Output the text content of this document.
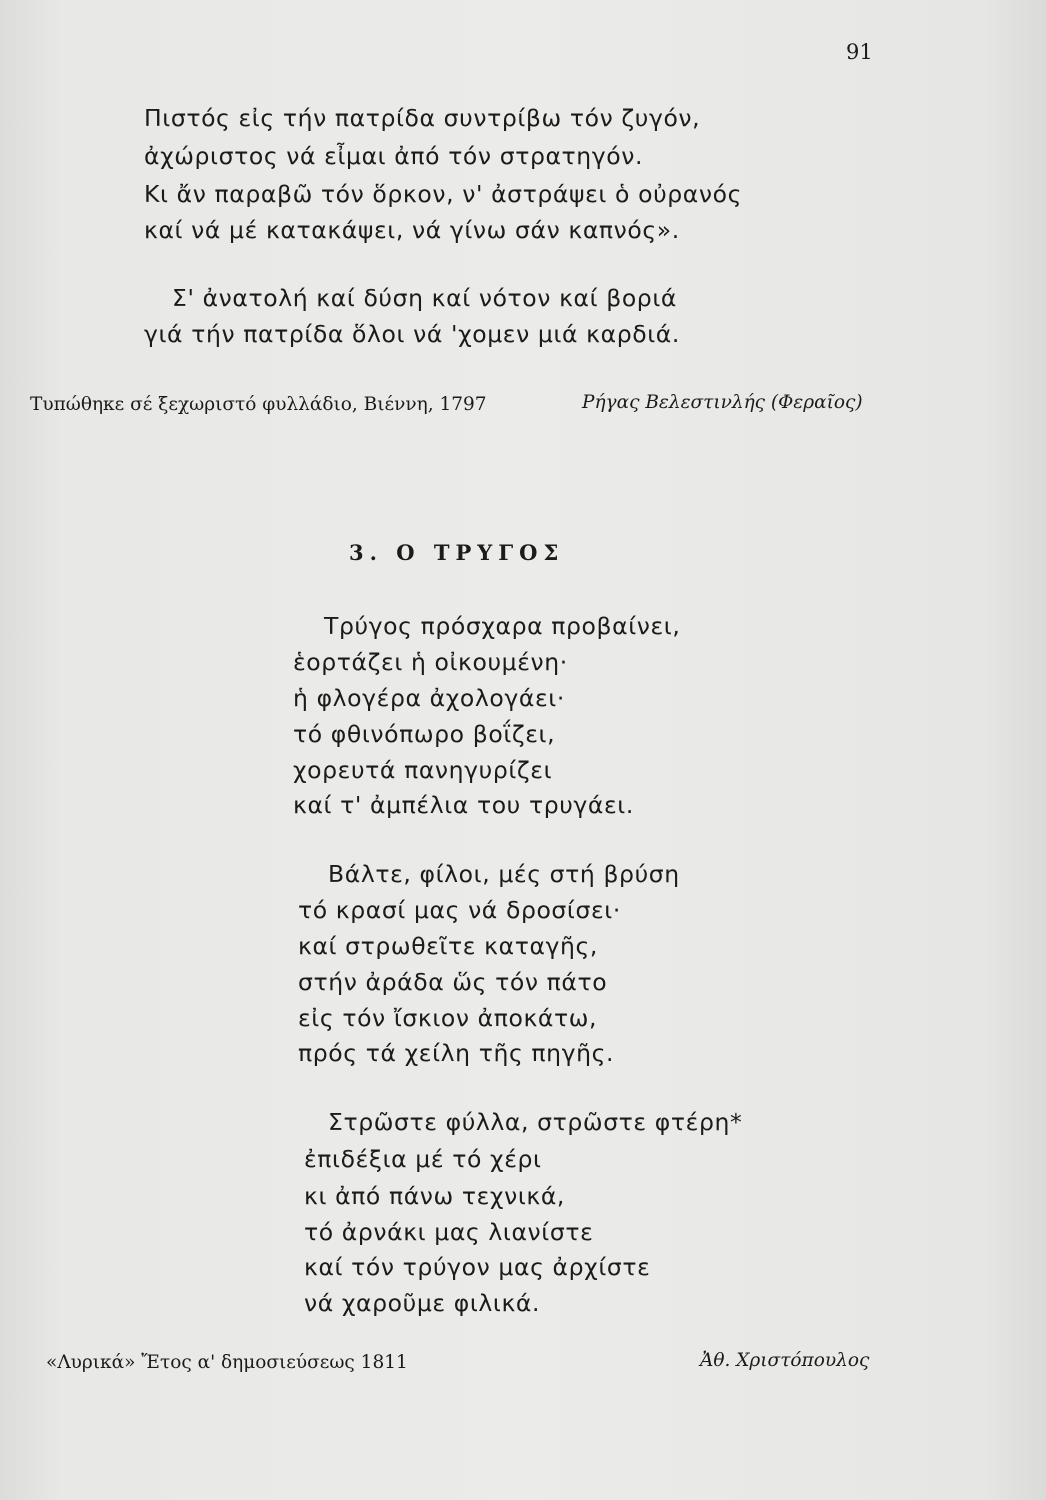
91
Πιστός εἰς τήν πατρίδα συντρίβω τόν ζυγόν,
ἀχώριστος νά εἶμαι ἀπό τόν στρατηγόν.
Κι ἄν παραβῶ τόν ὅρκον, ν' ἀστράψει ὁ οὐρανός
καί νά μέ κατακάψει, νά γίνω σάν καπνός».
Σ' ἀνατολή καί δύση καί νότον καί βοριά
γιά τήν πατρίδα ὅλοι νά 'χομεν μιά καρδιά.
Τυπώθηκε σέ ξεχωριστό φυλλάδιο, Βιέννη, 1797	Ρήγας Βελεστινλής (Φεραῖος)
3. Ο ΤΡΥΓΟΣ
Τρύγος πρόσχαρα προβαίνει,
ἑορτάζει ἡ οἰκουμένη·
ἡ φλογέρα ἀχολογάει·
τό φθινόπωρο βοΐζει,
χορευτά πανηγυρίζει
καί τ' ἀμπέλια του τρυγάει.
Βάλτε, φίλοι, μές στή βρύση
τό κρασί μας νά δροσίσει·
καί στρωθεῖτε καταγῆς,
στήν ἀράδα ὥς τόν πάτο
εἰς τόν ἴσκιον ἀποκάτω,
πρός τά χείλη τῆς πηγῆς.
Στρῶστε φύλλα, στρῶστε φτέρη*
ἐπιδέξια μέ τό χέρι
κι ἀπό πάνω τεχνικά,
τό ἀρνάκι μας λιανίστε
καί τόν τρύγον μας ἀρχίστε
νά χαροῦμε φιλικά.
«Λυρικά» Ἔτος α' δημοσιεύσεως 1811	Ἀθ. Χριστόπουλος
